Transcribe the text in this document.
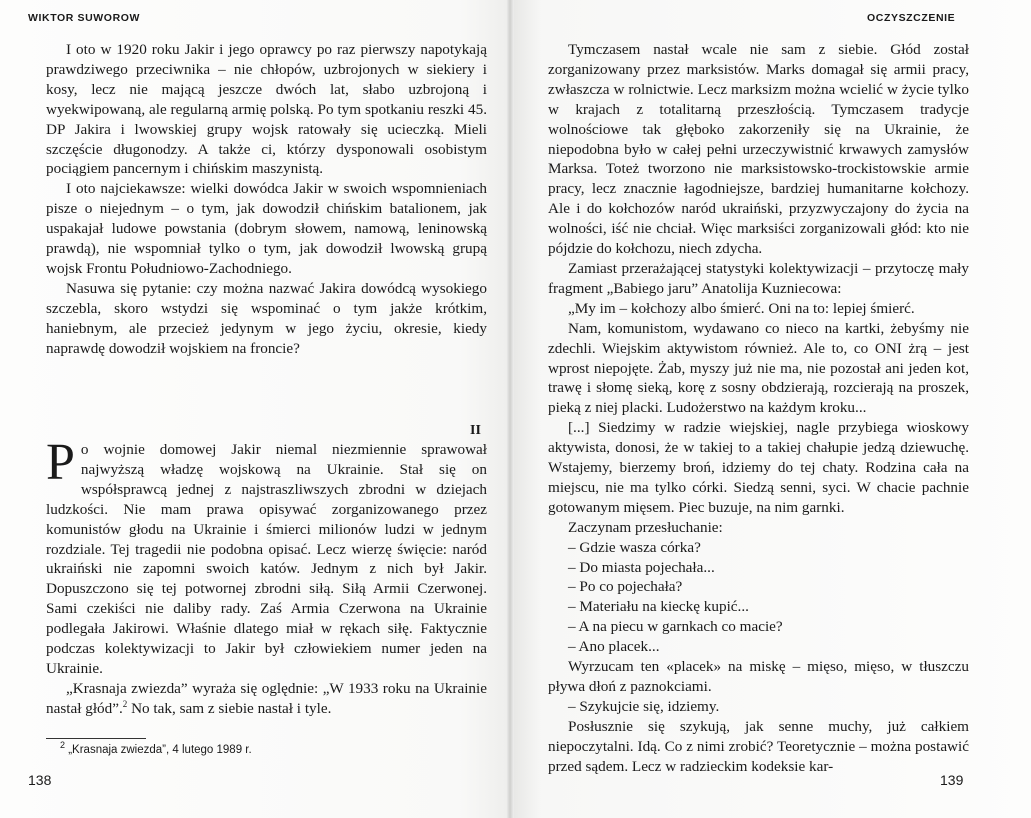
WIKTOR SUWOROW

I oto w 1920 roku Jakir i jego oprawcy po raz pierwszy napotykają prawdziwego przeciwnika – nie chłopów, uzbrojonych w siekiery i kosy, lecz nie mającą jeszcze dwóch lat, słabo uzbrojoną i wyekwipowaną, ale regularną armię polską. Po tym spotkaniu reszki 45. DP Jakira i lwowskiej grupy wojsk ratowały się ucieczką. Mieli szczęście długonodzy. A także ci, którzy dysponowali osobistym pociągiem pancernym i chińskim maszynistą.

I oto najciekawsze: wielki dowódca Jakir w swoich wspomnieniach pisze o niejednym – o tym, jak dowodził chińskim batalionem, jak uspakajał ludowe powstania (dobrym słowem, namową, leninowską prawdą), nie wspomniał tylko o tym, jak dowodził lwowską grupą wojsk Frontu Południowo-Zachodniego.

Nasuwa się pytanie: czy można nazwać Jakira dowódcą wysokiego szczebla, skoro wstydzi się wspominać o tym jakże krótkim, haniebnym, ale przecież jedynym w jego życiu, okresie, kiedy naprawdę dowodził wojskiem na froncie?

II

Po wojnie domowej Jakir niemal niezmiennie sprawował najwyższą władzę wojskową na Ukrainie. Stał się on współsprawcą jednej z najstraszliwszych zbrodni w dziejach ludzkości. Nie mam prawa opisywać zorganizowanego przez komunistów głodu na Ukrainie i śmierci milionów ludzi w jednym rozdziale. Tej tragedii nie podobna opisać. Lecz wierzę święcie: naród ukraiński nie zapomni swoich katów. Jednym z nich był Jakir. Dopuszczono się tej potwornej zbrodni siłą. Siłą Armii Czerwonej. Sami czekiści nie daliby rady. Zaś Armia Czerwona na Ukrainie podlegała Jakirowi. Właśnie dlatego miał w rękach siłę. Faktycznie podczas kolektywizacji to Jakir był człowiekiem numer jeden na Ukrainie.

„Krasnaja zwiezda” wyraża się oględnie: „W 1933 roku na Ukrainie nastał głód”.$^2$ No tak, sam z siebie nastał i tyle.

$^2$ „Krasnaja zwiezda”, 4 lutego 1989 r.
138
OCZYSZCZENIE

Tymczasem nastał wcale nie sam z siebie. Głód został zorganizowany przez marksistów. Marks domagał się armii pracy, zwłaszcza w rolnictwie. Lecz marksizm można wcielić w życie tylko w krajach z totalitarną przeszłością. Tymczasem tradycje wolnościowe tak głęboko zakorzeniły się na Ukrainie, że niepodobna było w całej pełni urzeczywistnić krwawych zamysłów Marksa. Toteż tworzono nie marksistowsko-trockistowskie armie pracy, lecz znacznie łagodniejsze, bardziej humanitarne kołchozy. Ale i do kołchozów naród ukraiński, przyzwyczajony do życia na wolności, iść nie chciał. Więc marksiści zorganizowali głód: kto nie pójdzie do kołchozu, niech zdycha.

Zamiast przerażającej statystyki kolektywizacji – przytoczę mały fragment „Babiego jaru” Anatolija Kuzniecowa:

„My im – kołchozy albo śmierć. Oni na to: lepiej śmierć.

Nam, komunistom, wydawano co nieco na kartki, żebyśmy nie zdechli. Wiejskim aktywistom również. Ale to, co ONI żrą – jest wprost niepojęte. Żab, myszy już nie ma, nie pozostał ani jeden kot, trawę i słomę sieką, korę z sosny obdzierają, rozcierają na proszek, pieką z niej placki. Ludożerstwo na każdym kroku...

[...] Siedzimy w radzie wiejskiej, nagle przybiega wioskowy aktywista, donosi, że w takiej to a takiej chałupie jedzą dziewuchę. Wstajemy, bierzemy broń, idziemy do tej chaty. Rodzina cała na miejscu, nie ma tylko córki. Siedzą senni, syci. W chacie pachnie gotowanym mięsem. Piec buzuje, na nim garnki.

Zaczynam przesłuchanie:

– Gdzie wasza córka?

– Do miasta pojechała...

– Po co pojechała?

– Materiału na kieckę kupić...

– A na piecu w garnkach co macie?

– Ano placek...

Wyrzucam ten «placek» na miskę – mięso, mięso, w tłuszczu pływa dłoń z paznokciami.

– Szykujcie się, idziemy.

Posłusznie się szykują, jak senne muchy, już całkiem niepoczytalni. Idą. Co z nimi zrobić? Teoretycznie – można postawić przed sądem. Lecz w radzieckim kodeksie kar-

139
